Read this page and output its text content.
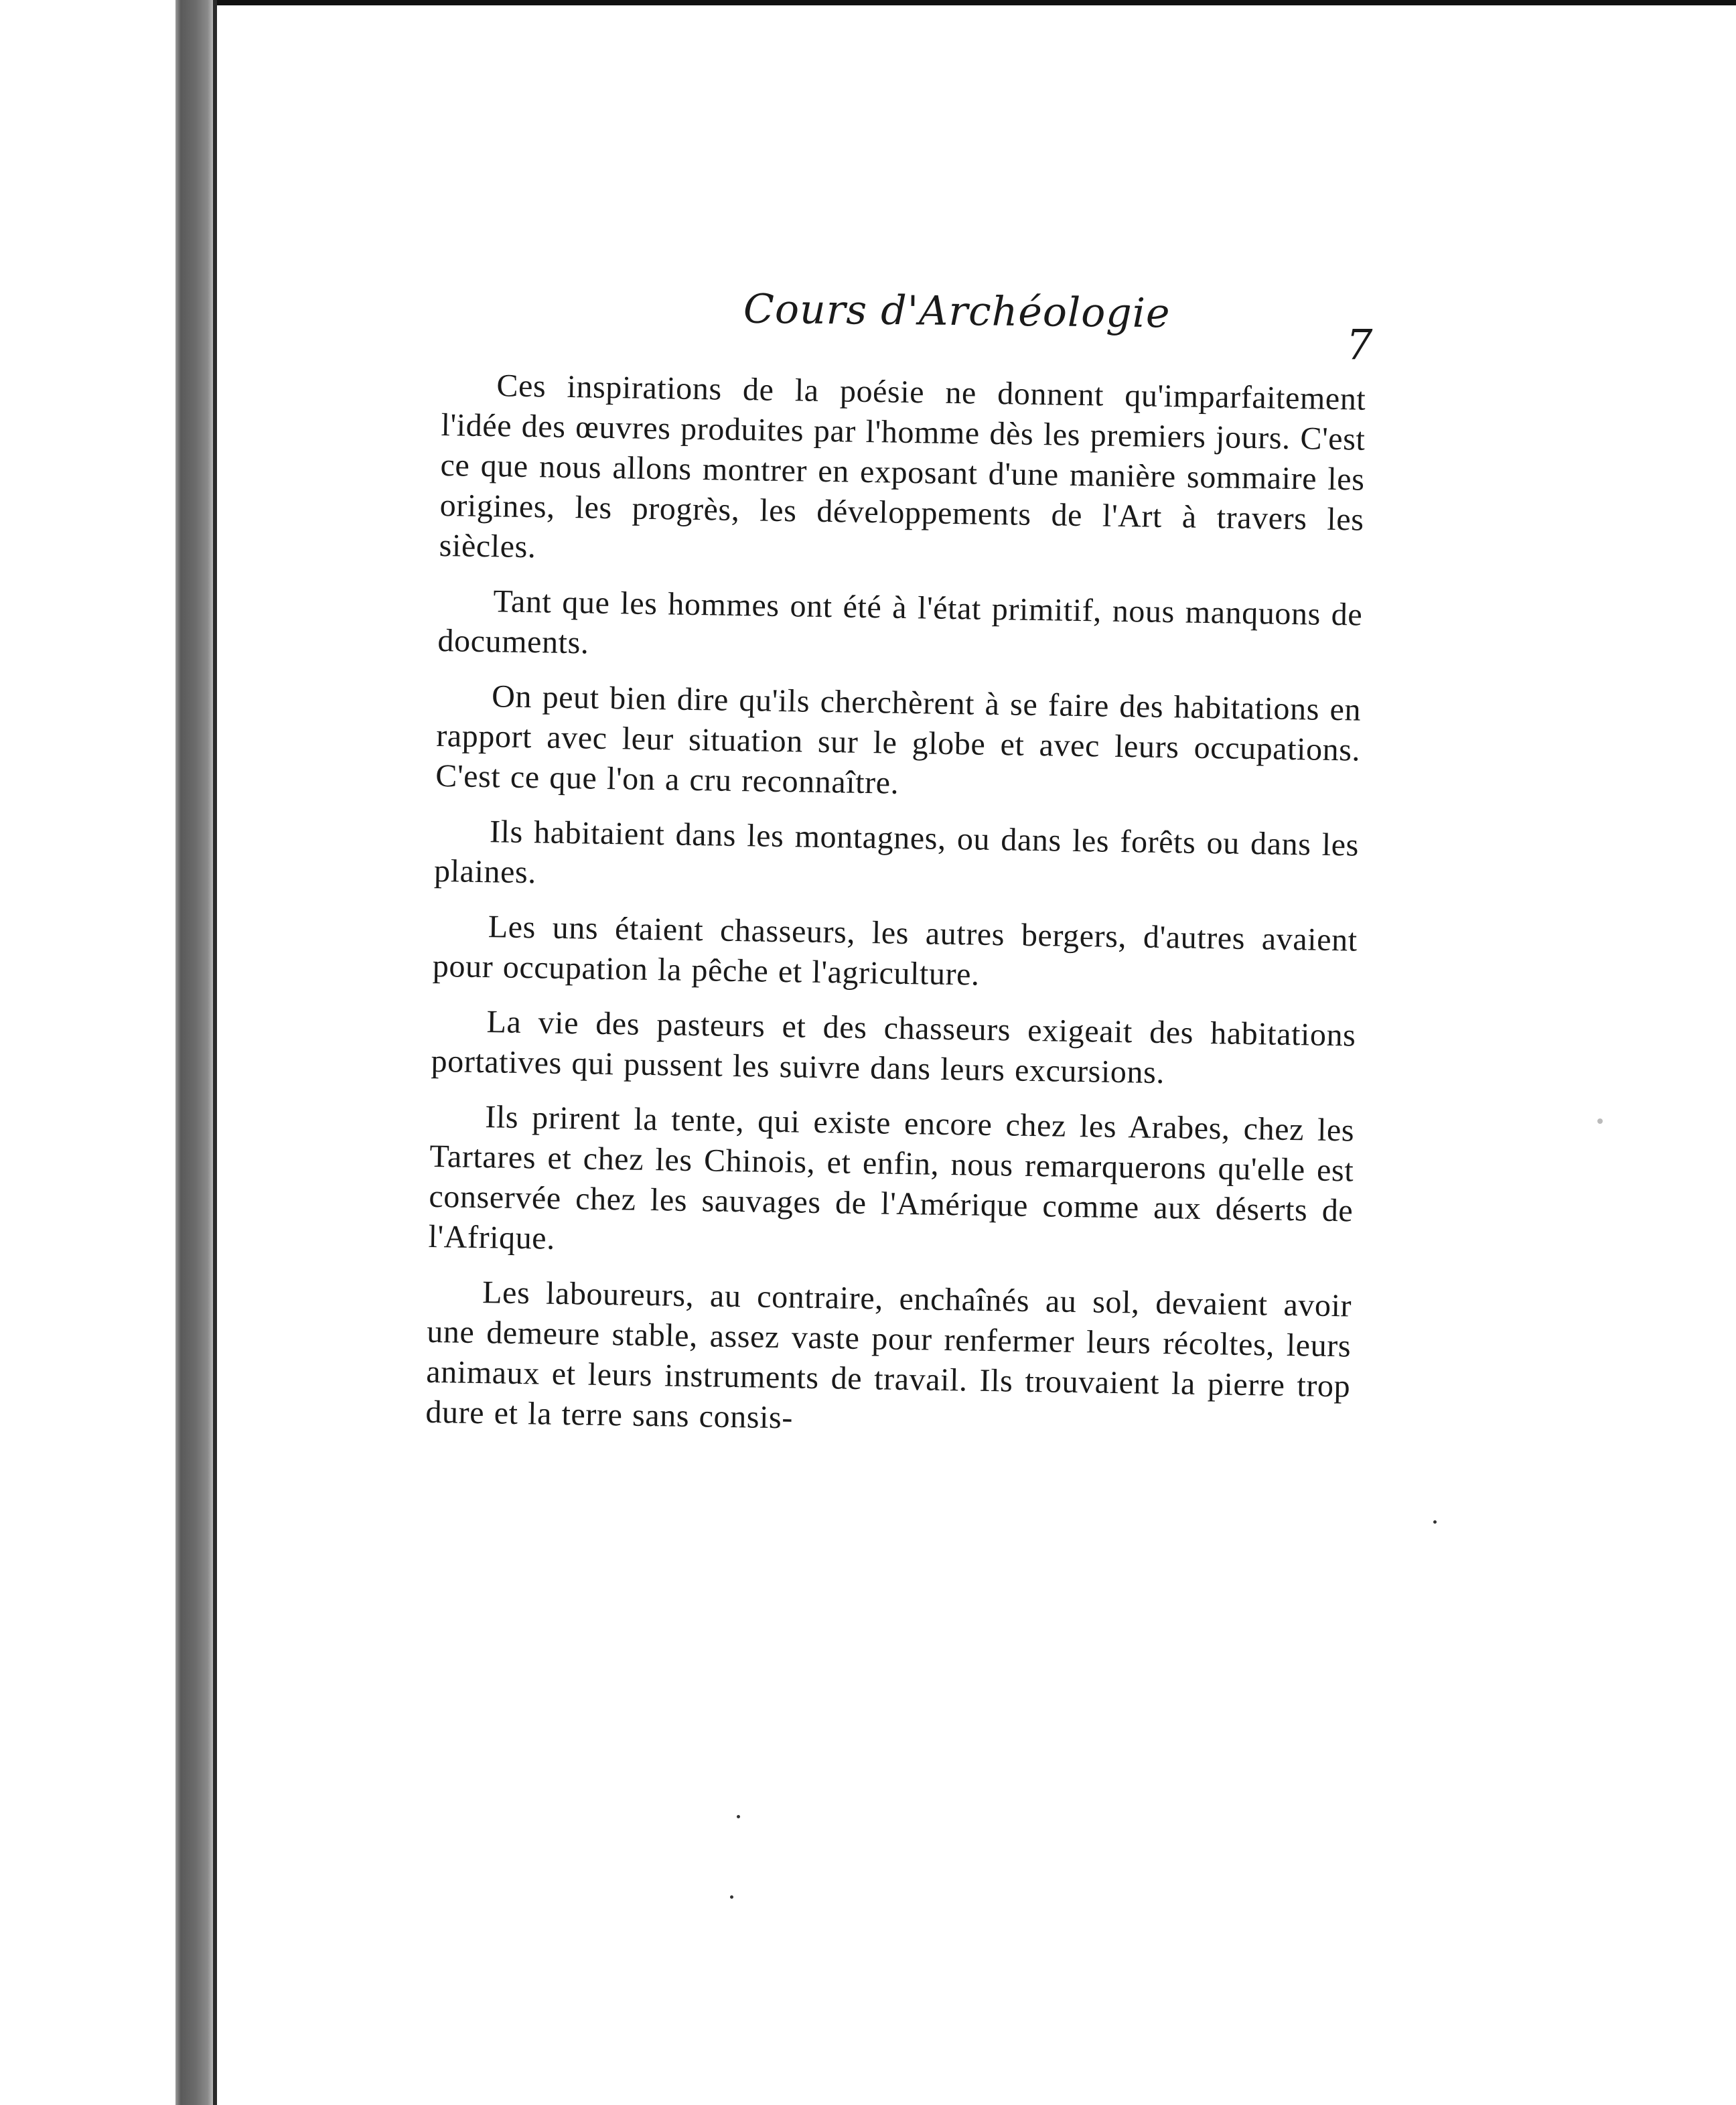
Cours d'Archéologie
7

Ces inspirations de la poésie ne donnent qu'imparfaitement l'idée des œuvres produites par l'homme dès les premiers jours. C'est ce que nous allons montrer en exposant d'une manière sommaire les origines, les progrès, les développements de l'Art à travers les siècles.

Tant que les hommes ont été à l'état primitif, nous manquons de documents.

On peut bien dire qu'ils cherchèrent à se faire des habitations en rapport avec leur situation sur le globe et avec leurs occupations. C'est ce que l'on a cru reconnaître.

Ils habitaient dans les montagnes, ou dans les forêts ou dans les plaines.

Les uns étaient chasseurs, les autres bergers, d'autres avaient pour occupation la pêche et l'agriculture.

La vie des pasteurs et des chasseurs exigeait des habitations portatives qui pussent les suivre dans leurs excursions.

Ils prirent la tente, qui existe encore chez les Arabes, chez les Tartares et chez les Chinois, et enfin, nous remarquerons qu'elle est conservée chez les sauvages de l'Amérique comme aux déserts de l'Afrique.

Les laboureurs, au contraire, enchaînés au sol, devaient avoir une demeure stable, assez vaste pour renfermer leurs récoltes, leurs animaux et leurs instruments de travail. Ils trouvaient la pierre trop dure et la terre sans consis-
